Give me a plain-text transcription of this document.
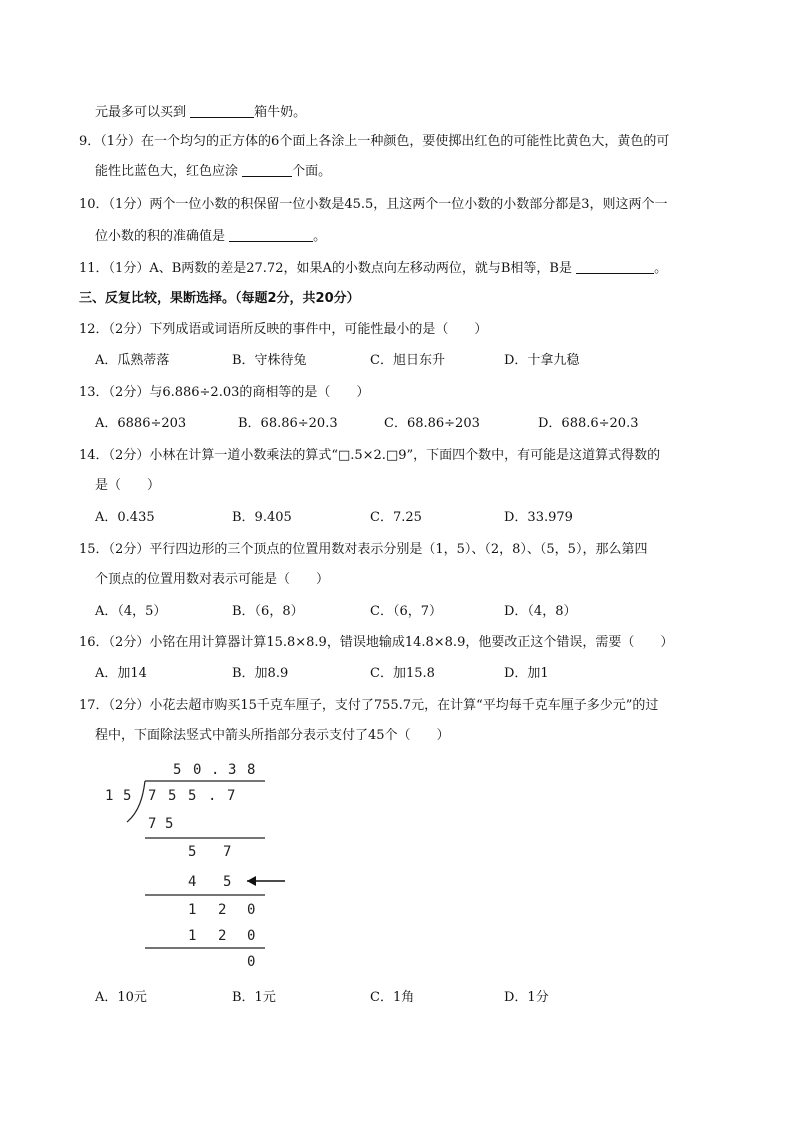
元最多可以买到	箱牛奶。
9．（1分）在一个均匀的正方体的6个面上各涂上一种颜色，要使掷出红色的可能性比黄色大，黄色的可
能性比蓝色大，红色应涂	个面。
10．（1分）两个一位小数的积保留一位小数是45.5，且这两个一位小数的小数部分都是3，则这两个一
位小数的积的准确值是	。
11．（1分）A、B两数的差是27.72，如果A的小数点向左移动两位，就与B相等，B是	。
三、反复比较，果断选择。（每题2分，共20分）
12．（2分）下列成语或词语所反映的事件中，可能性最小的是（　　）
A．瓜熟蒂落	B．守株待兔	C．旭日东升	D．十拿九稳
13．（2分）与6.886÷2.03的商相等的是（　　）
A．6886÷203	B．68.86÷20.3	C．68.86÷203	D．688.6÷20.3
14．（2分）小林在计算一道小数乘法的算式“□.5×2.□9”，下面四个数中，有可能是这道算式得数的
是（　　）
A．0.435	B．9.405	C．7.25	D．33.979
15．（2分）平行四边形的三个顶点的位置用数对表示分别是（1，5）、（2，8）、（5，5），那么第四
个顶点的位置用数对表示可能是（　　）
A．（4，5）	B．（6，8）	C．（6，7）	D．（4，8）
16．（2分）小铭在用计算器计算15.8×8.9，错误地输成14.8×8.9，他要改正这个错误，需要（　　）
A．加14	B．加8.9	C．加15.8	D．加1
17．（2分）小花去超市购买15千克车厘子，支付了755.7元，在计算“平均每千克车厘子多少元”的过
程中，下面除法竖式中箭头所指部分表示支付了45个（　　）
5 0 . 3 8
1 5 7 5 5 . 7
7 5
5 7
4 5
1 2 0
1 2 0
0
A．10元	B．1元	C．1角	D．1分
